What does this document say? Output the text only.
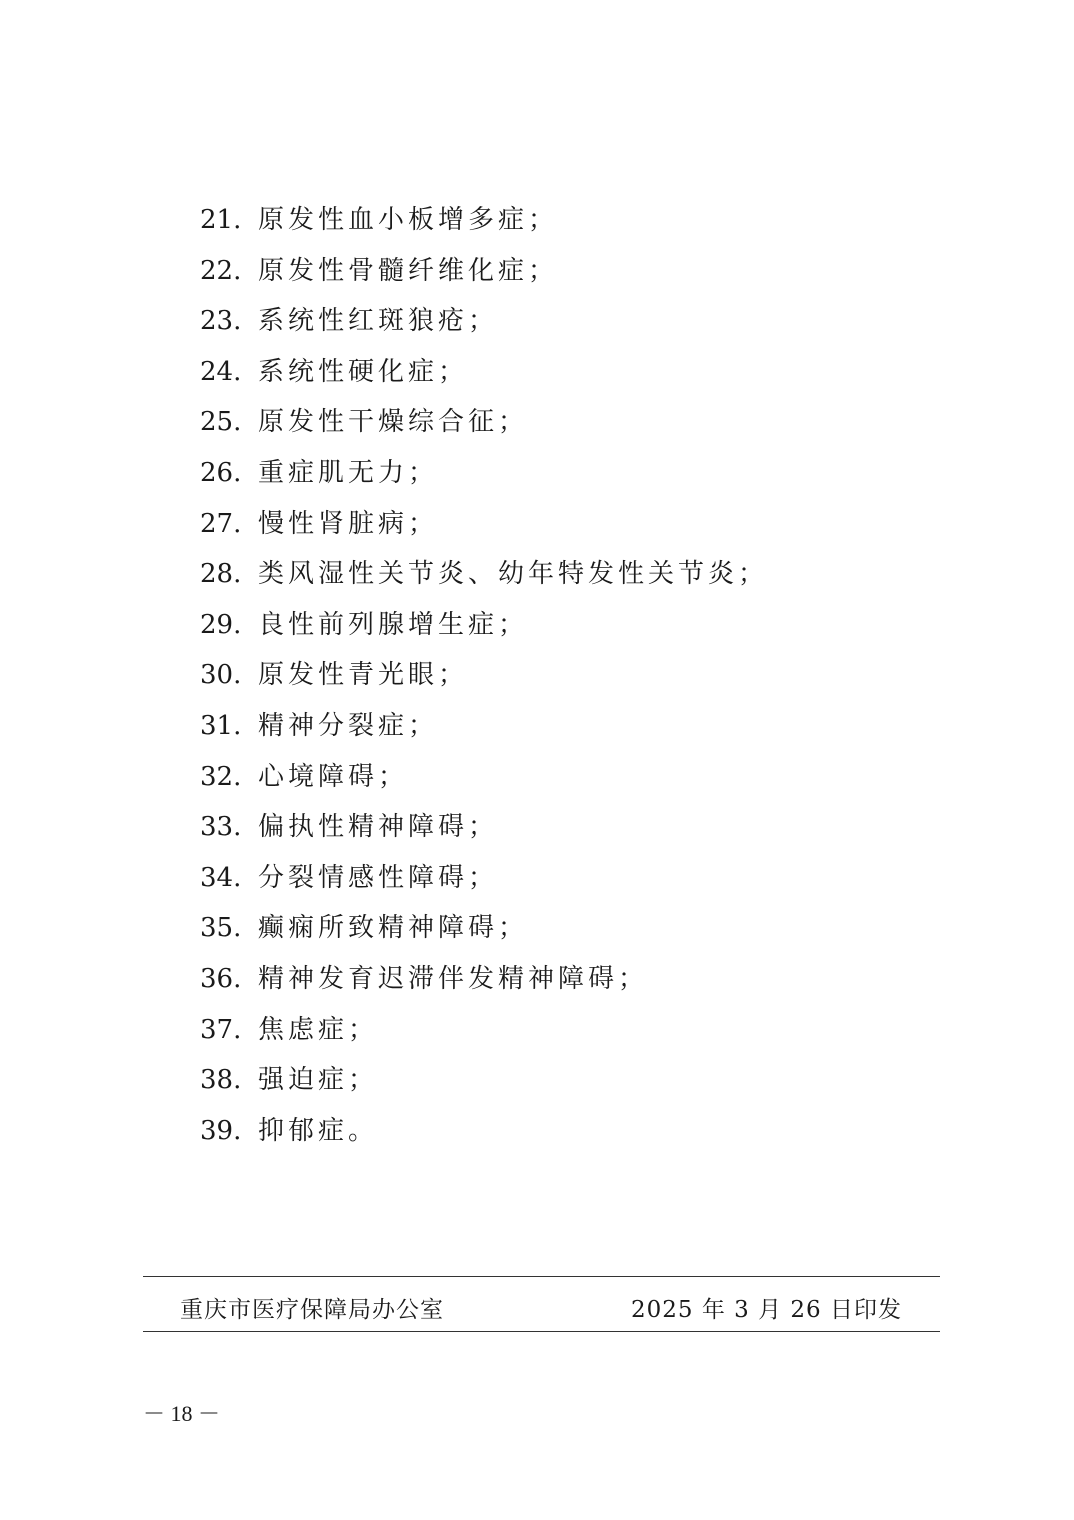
21. 原发性血小板增多症；
22. 原发性骨髓纤维化症；
23. 系统性红斑狼疮；
24. 系统性硬化症；
25. 原发性干燥综合征；
26. 重症肌无力；
27. 慢性肾脏病；
28. 类风湿性关节炎、幼年特发性关节炎；
29. 良性前列腺增生症；
30. 原发性青光眼；
31. 精神分裂症；
32. 心境障碍；
33. 偏执性精神障碍；
34. 分裂情感性障碍；
35. 癫痫所致精神障碍；
36. 精神发育迟滞伴发精神障碍；
37. 焦虑症；
38. 强迫症；
39. 抑郁症。
重庆市医疗保障局办公室	2025 年 3 月 26 日印发
－ 18 －
